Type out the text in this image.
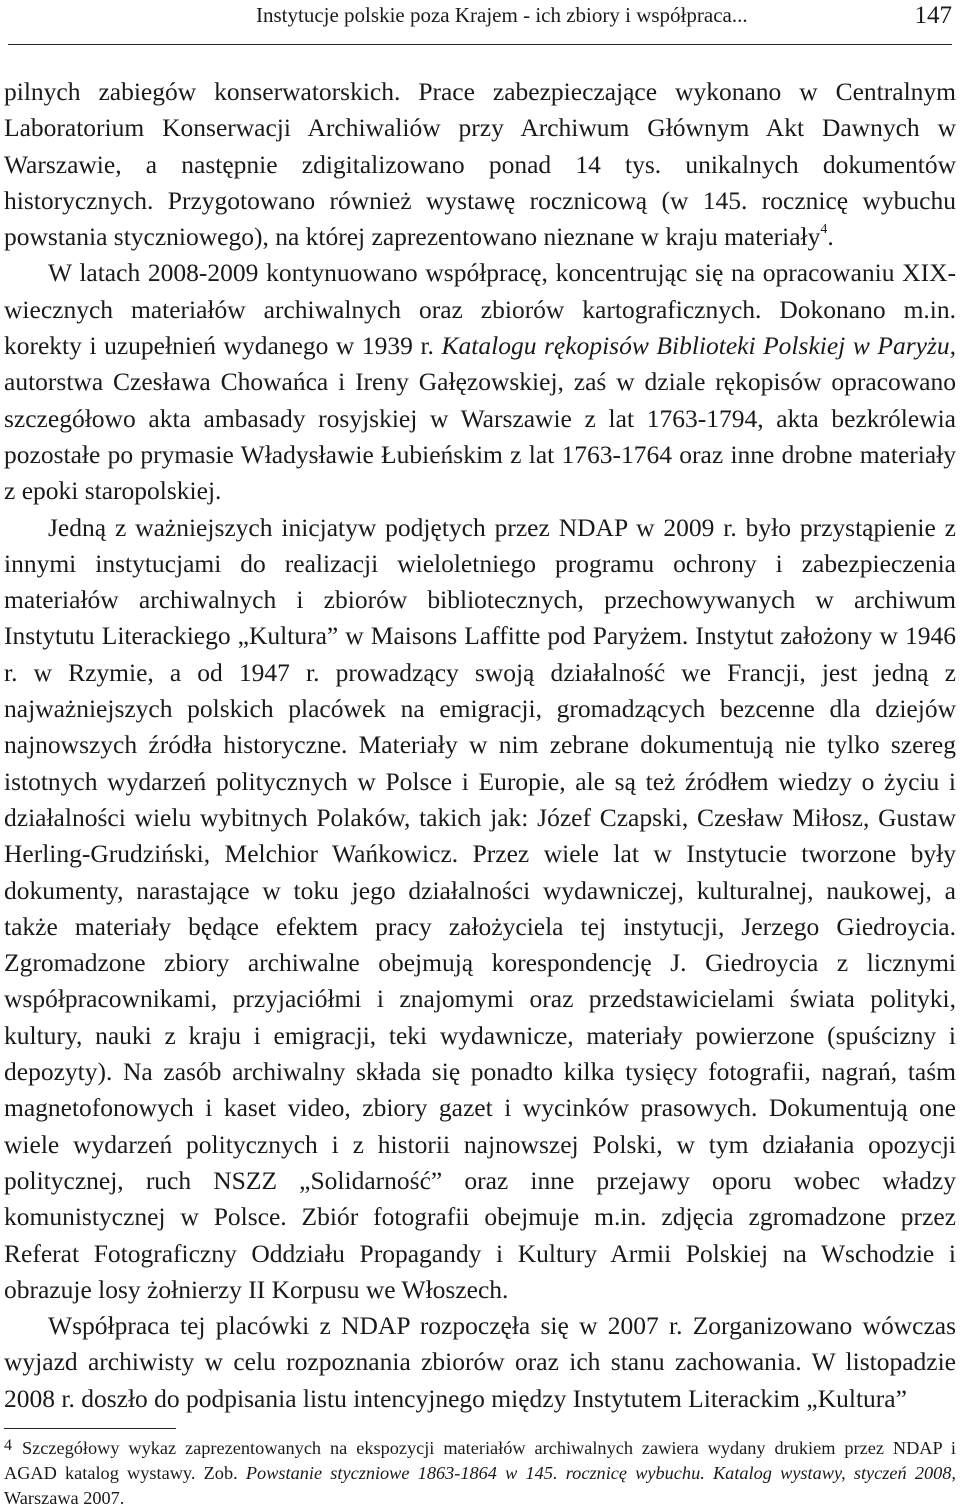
Instytucje polskie poza Krajem - ich zbiory i współpraca...	147

pilnych zabiegów konserwatorskich. Prace zabezpieczające wykonano w Centralnym Laboratorium Konserwacji Archiwaliów przy Archiwum Głównym Akt Dawnych w Warszawie, a następnie zdigitalizowano ponad 14 tys. unikalnych dokumentów historycznych. Przygotowano również wystawę rocznicową (w 145. rocznicę wybuchu powstania styczniowego), na której zaprezentowano nieznane w kraju materiały$^4$.

W latach 2008-2009 kontynuowano współpracę, koncentrując się na opracowaniu XIX-wiecznych materiałów archiwalnych oraz zbiorów kartograficznych. Dokonano m.in. korekty i uzupełnień wydanego w 1939 r. Katalogu rękopisów Biblioteki Polskiej w Paryżu, autorstwa Czesława Chowańca i Ireny Gałęzowskiej, zaś w dziale rękopisów opracowano szczegółowo akta ambasady rosyjskiej w Warszawie z lat 1763-1794, akta bezkrólewia pozostałe po prymasie Władysławie Łubieńskim z lat 1763-1764 oraz inne drobne materiały z epoki staropolskiej.

Jedną z ważniejszych inicjatyw podjętych przez NDAP w 2009 r. było przystąpienie z innymi instytucjami do realizacji wieloletniego programu ochrony i zabezpieczenia materiałów archiwalnych i zbiorów bibliotecznych, przechowywanych w archiwum Instytutu Literackiego „Kultura” w Maisons Laffitte pod Paryżem. Instytut założony w 1946 r. w Rzymie, a od 1947 r. prowadzący swoją działalność we Francji, jest jedną z najważniejszych polskich placówek na emigracji, gromadzących bezcenne dla dziejów najnowszych źródła historyczne. Materiały w nim zebrane dokumentują nie tylko szereg istotnych wydarzeń politycznych w Polsce i Europie, ale są też źródłem wiedzy o życiu i działalności wielu wybitnych Polaków, takich jak: Józef Czapski, Czesław Miłosz, Gustaw Herling-Grudziński, Melchior Wańkowicz. Przez wiele lat w Instytucie tworzone były dokumenty, narastające w toku jego działalności wydawniczej, kulturalnej, naukowej, a także materiały będące efektem pracy założyciela tej instytucji, Jerzego Giedroycia. Zgromadzone zbiory archiwalne obejmują korespondencję J. Giedroycia z licznymi współpracownikami, przyjaciółmi i znajomymi oraz przedstawicielami świata polityki, kultury, nauki z kraju i emigracji, teki wydawnicze, materiały powierzone (spuścizny i depozyty). Na zasób archiwalny składa się ponadto kilka tysięcy fotografii, nagrań, taśm magnetofonowych i kaset video, zbiory gazet i wycinków prasowych. Dokumentują one wiele wydarzeń politycznych i z historii najnowszej Polski, w tym działania opozycji politycznej, ruch NSZZ „Solidarność” oraz inne przejawy oporu wobec władzy komunistycznej w Polsce. Zbiór fotografii obejmuje m.in. zdjęcia zgromadzone przez Referat Fotograficzny Oddziału Propagandy i Kultury Armii Polskiej na Wschodzie i obrazuje losy żołnierzy II Korpusu we Włoszech.

Współpraca tej placówki z NDAP rozpoczęła się w 2007 r. Zorganizowano wówczas wyjazd archiwisty w celu rozpoznania zbiorów oraz ich stanu zachowania. W listopadzie 2008 r. doszło do podpisania listu intencyjnego między Instytutem Literackim „Kultura”

4 Szczegółowy wykaz zaprezentowanych na ekspozycji materiałów archiwalnych zawiera wydany drukiem przez NDAP i AGAD katalog wystawy. Zob. Powstanie styczniowe 1863-1864 w 145. rocznicę wybuchu. Katalog wystawy, styczeń 2008, Warszawa 2007.
